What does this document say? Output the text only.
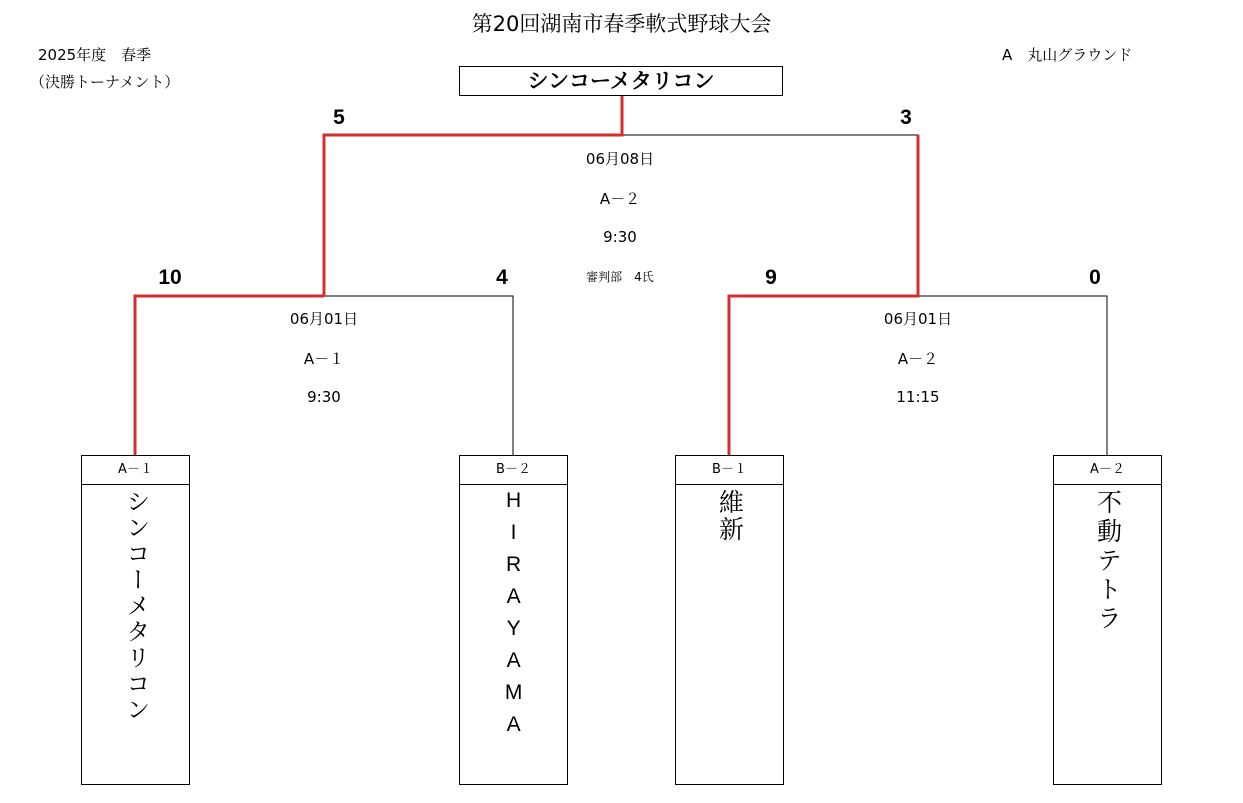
第20回湖南市春季軟式野球大会
2025年度　春季
（決勝トーナメント）
A　丸山グラウンド
シンコーメタリコン
5	3
06月08日
A－２
9:30
審判部　4氏
10	4
06月01日
A－１
9:30
9	0
06月01日
A－２
11:15
A－１
シンコーメタリコン
B－２
HIRAYAMA
B－１
維新
A－２
不動テトラ
